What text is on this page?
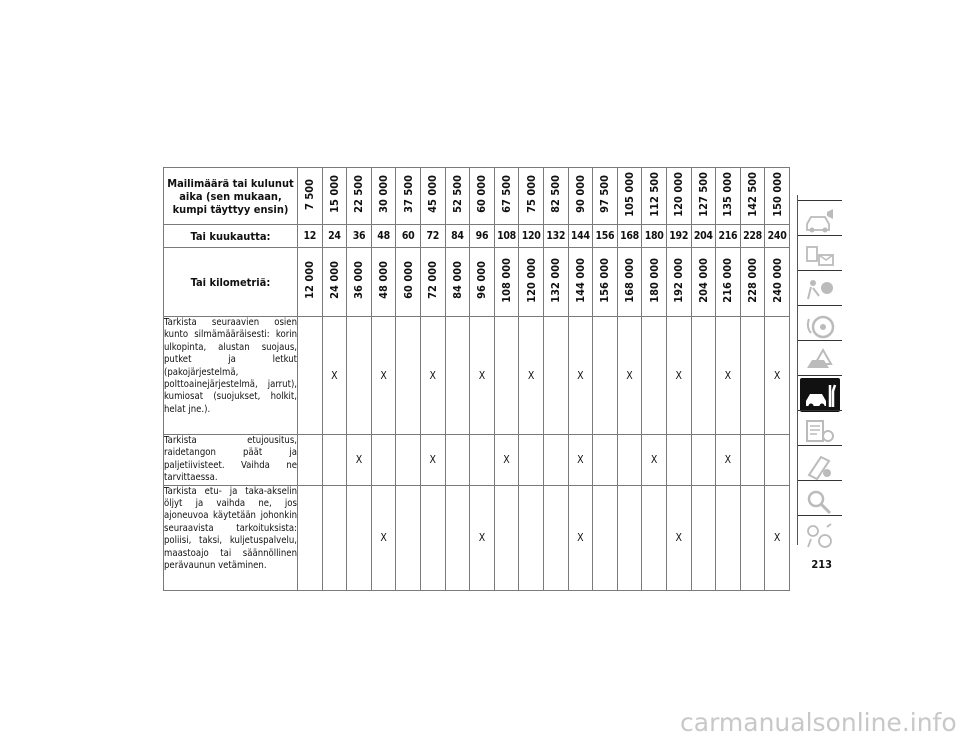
Mailimäärä tai kulunut aika (sen mukaan, kumpi täyttyy ensin)	7 500	15 000	22 500	30 000	37 500	45 000	52 500	60 000	67 500	75 000	82 500	90 000	97 500	105 000	112 500	120 000	127 500	135 000	142 500	150 000
Tai kuukautta:	12	24	36	48	60	72	84	96	108	120	132	144	156	168	180	192	204	216	228	240
Tai kilometriä:	12 000	24 000	36 000	48 000	60 000	72 000	84 000	96 000	108 000	120 000	132 000	144 000	156 000	168 000	180 000	192 000	204 000	216 000	228 000	240 000
Tarkista seuraavien osien kunto silmämääräisesti: korin ulkopinta, alustan suojaus, putket ja letkut (pakojärjestelmä, polttoainejärjestelmä, jarrut), kumiosat (suojukset, holkit, helat jne.).		X		X		X		X		X		X		X		X		X		X
Tarkista etujousitus, raidetangon päät ja paljetiivisteet. Vaihda ne tarvittaessa.			X			X			X			X			X			X		
Tarkista etu- ja taka-akselin öljyt ja vaihda ne, jos ajoneuvoa käytetään johonkin seuraavista tarkoituksista: poliisi, taksi, kuljetuspalvelu, maastoajo tai säännöllinen perävaunun vetäminen.				X				X				X				X				X
213
carmanualsonline.info
